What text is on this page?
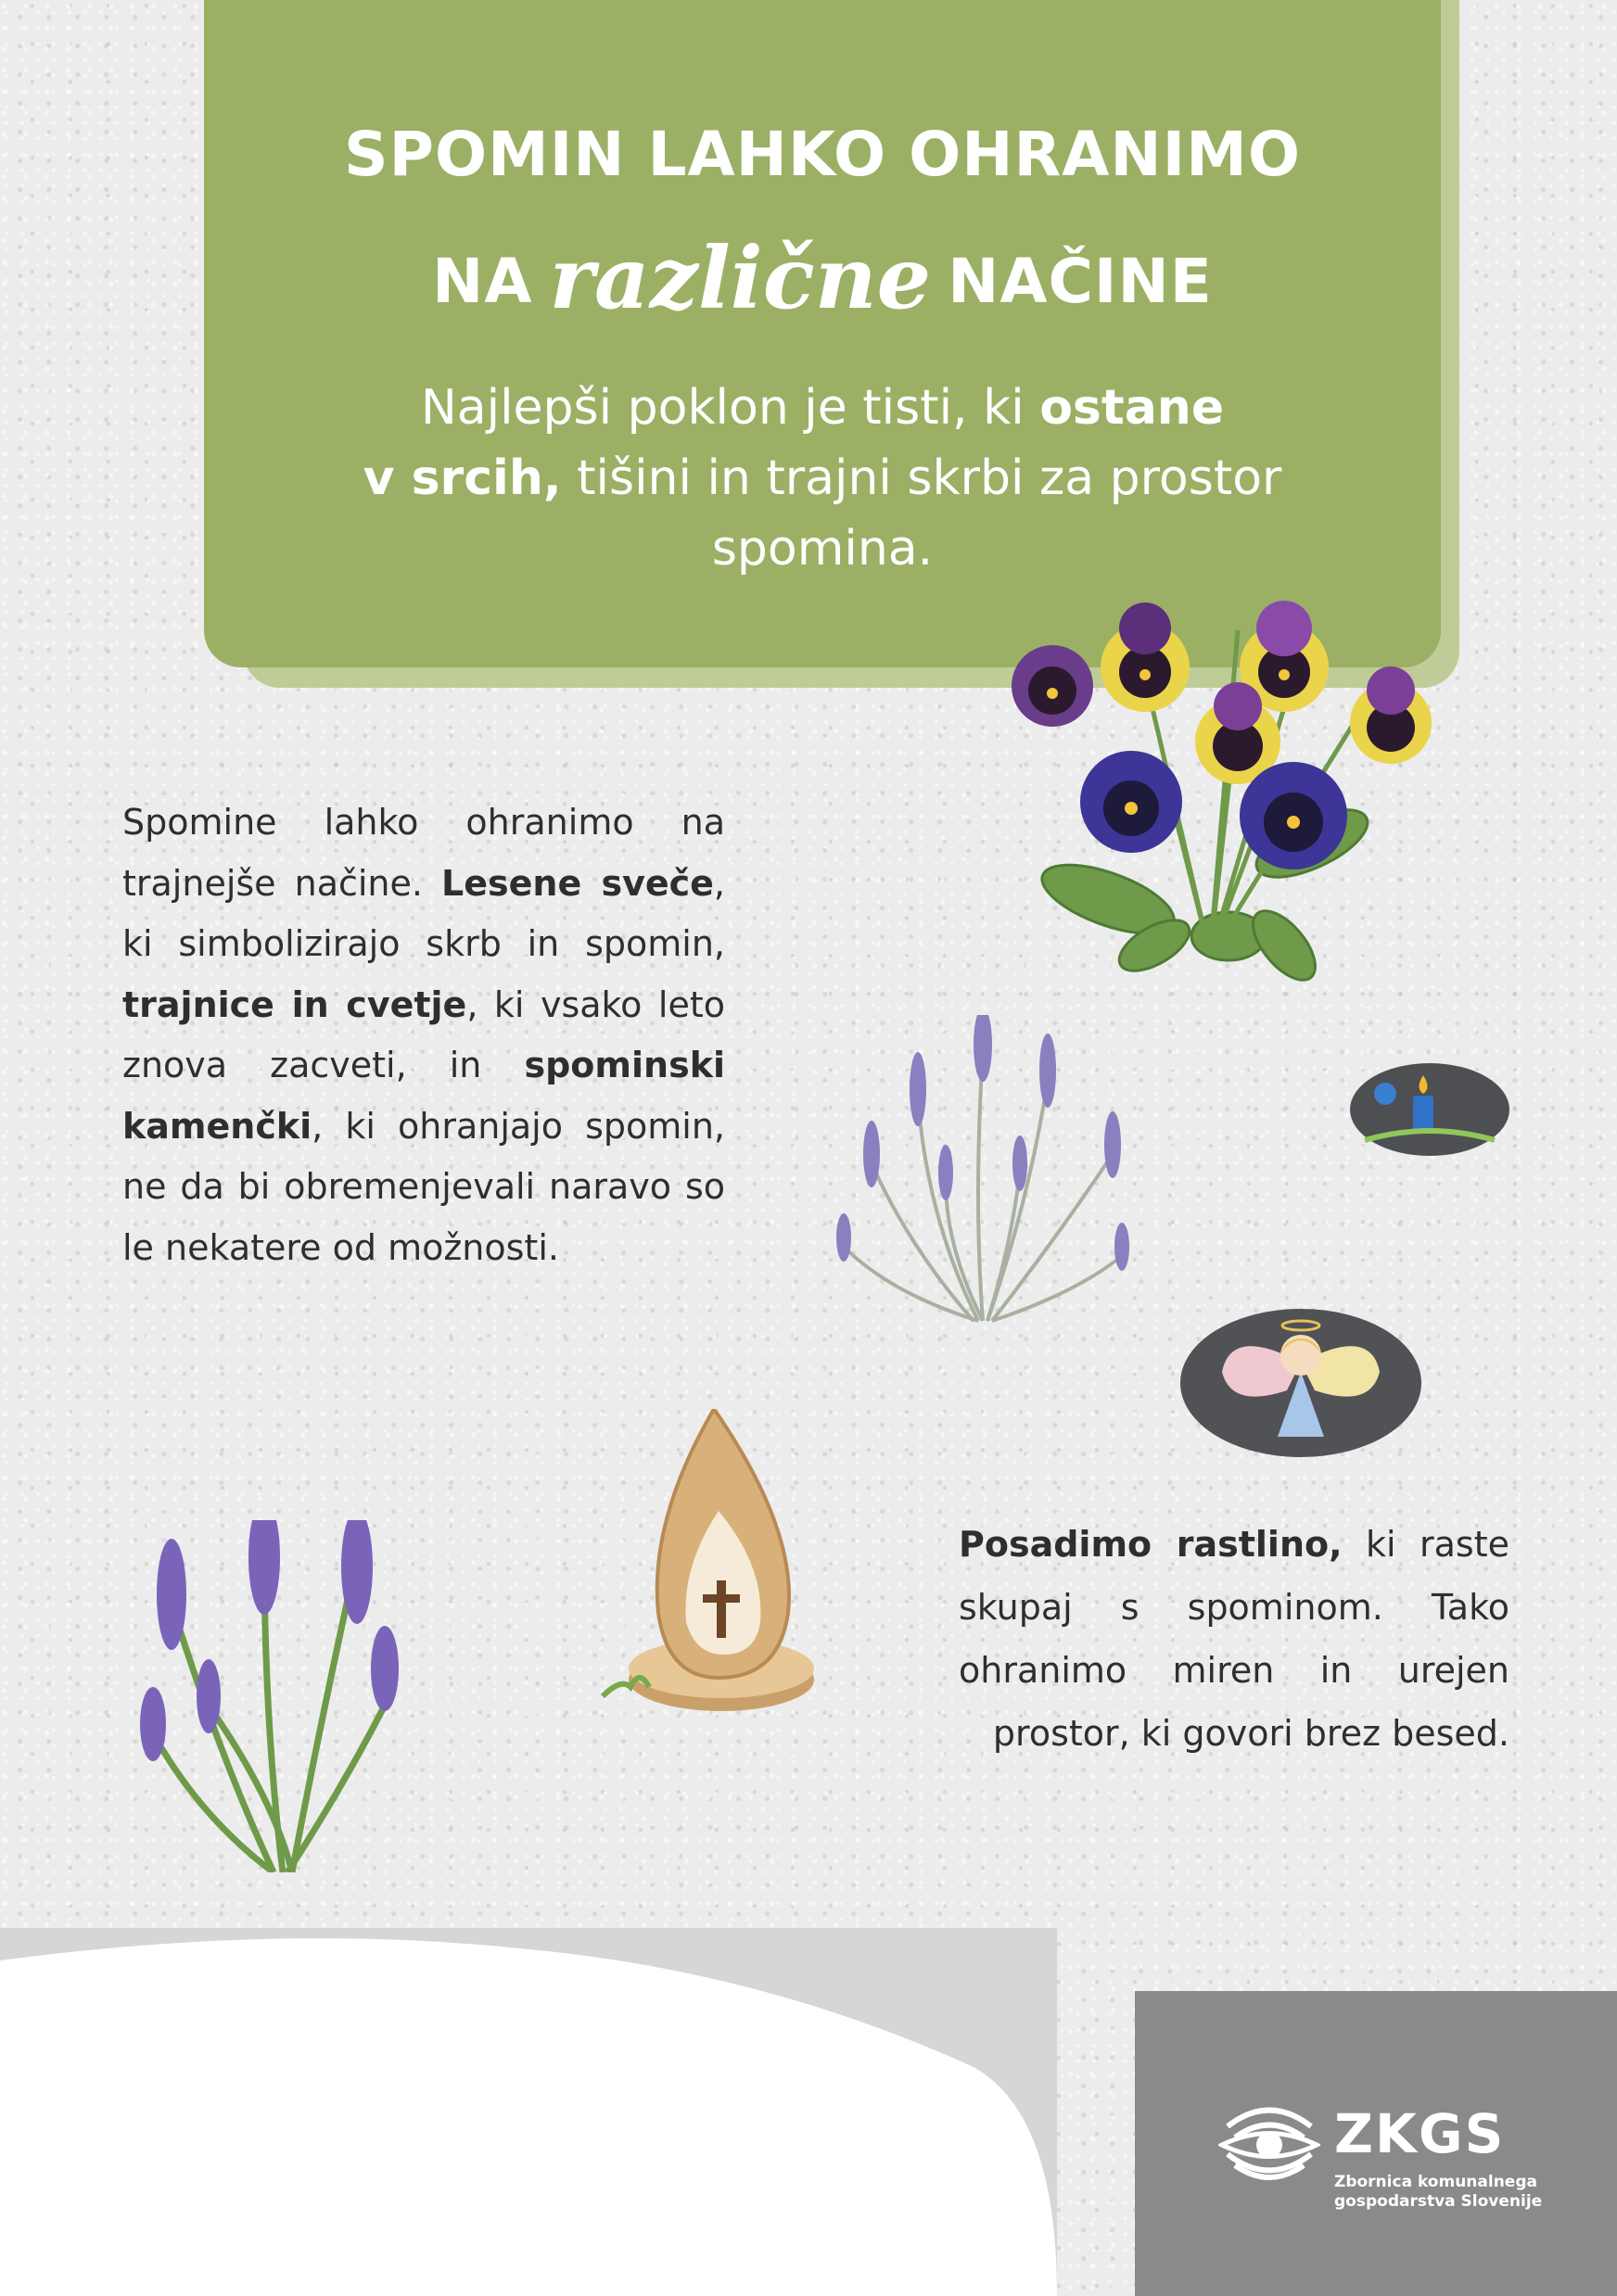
SPOMIN LAHKO OHRANIMO
NA različne NAČINE
Najlepši poklon je tisti, ki ostane
v srcih, tišini in trajni skrbi za prostor spomina.
Spomine lahko ohranimo na trajnejše načine. Lesene sveče, ki simbolizirajo skrb in spomin, trajnice in cvetje, ki vsako leto znova zacveti, in spominski kamenčki, ki ohranjajo spomin, ne da bi obremenjevali naravo so le nekatere od možnosti.
Posadimo rastlino, ki raste skupaj s spominom. Tako ohranimo miren in urejen prostor, ki govori brez besed.
ZKGS
Zbornica komunalnega
gospodarstva Slovenije
